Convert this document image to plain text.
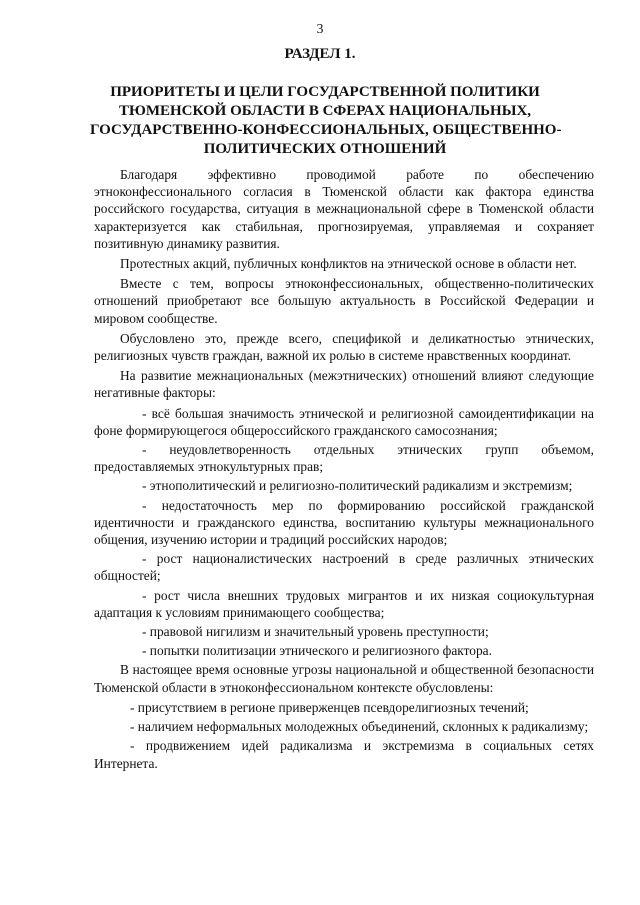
3
РАЗДЕЛ 1.
ПРИОРИТЕТЫ И ЦЕЛИ ГОСУДАРСТВЕННОЙ ПОЛИТИКИ
ТЮМЕНСКОЙ ОБЛАСТИ В СФЕРАХ НАЦИОНАЛЬНЫХ,
ГОСУДАРСТВЕННО-КОНФЕССИОНАЛЬНЫХ, ОБЩЕСТВЕННО-
ПОЛИТИЧЕСКИХ ОТНОШЕНИЙ

Благодаря эффективно проводимой работе по обеспечению этноконфессионального согласия в Тюменской области как фактора единства российского государства, ситуация в межнациональной сфере в Тюменской области характеризуется как стабильная, прогнозируемая, управляемая и сохраняет позитивную динамику развития.

Протестных акций, публичных конфликтов на этнической основе в области нет.

Вместе с тем, вопросы этноконфессиональных, общественно-политических отношений приобретают все большую актуальность в Российской Федерации и мировом сообществе.

Обусловлено это, прежде всего, спецификой и деликатностью этнических, религиозных чувств граждан, важной их ролью в системе нравственных координат.

На развитие межнациональных (межэтнических) отношений влияют следующие негативные факторы:

- всё большая значимость этнической и религиозной самоидентификации на фоне формирующегося общероссийского гражданского самосознания;

- неудовлетворенность отдельных этнических групп объемом, предоставляемых этнокультурных прав;

- этнополитический и религиозно-политический радикализм и экстремизм;

- недостаточность мер по формированию российской гражданской идентичности и гражданского единства, воспитанию культуры межнационального общения, изучению истории и традиций российских народов;

- рост националистических настроений в среде различных этнических общностей;

- рост числа внешних трудовых мигрантов и их низкая социокультурная адаптация к условиям принимающего сообщества;

- правовой нигилизм и значительный уровень преступности;

- попытки политизации этнического и религиозного фактора.

В настоящее время основные угрозы национальной и общественной безопасности Тюменской области в этноконфессиональном контексте обусловлены:

- присутствием в регионе приверженцев псевдорелигиозных течений;

- наличием неформальных молодежных объединений, склонных к радикализму;

- продвижением идей радикализма и экстремизма в социальных сетях Интернета.
